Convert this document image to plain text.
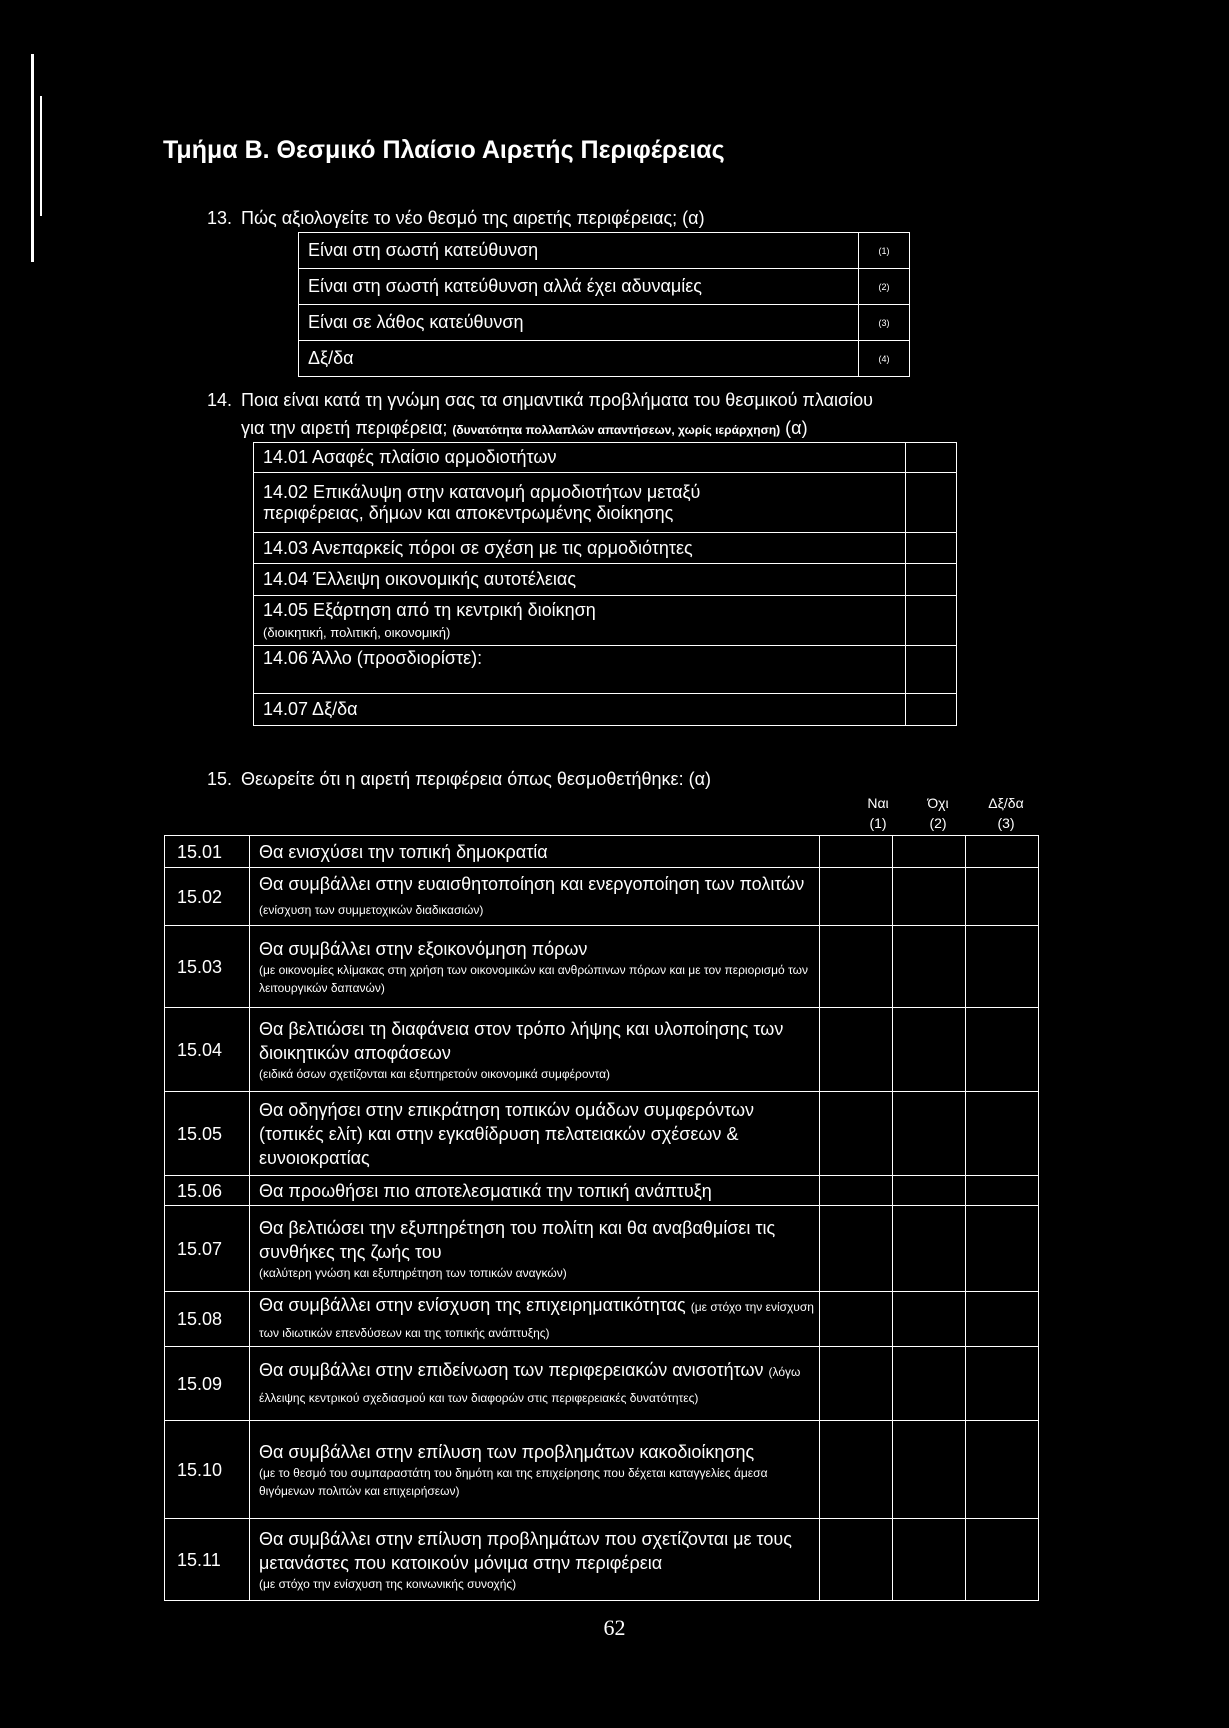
Τμήμα Β. Θεσμικό Πλαίσιο Αιρετής Περιφέρειας
13. Πώς αξιολογείτε το νέο θεσμό της αιρετής περιφέρειας; (α)
Είναι στη σωστή κατεύθυνση	(1)
Είναι στη σωστή κατεύθυνση αλλά έχει αδυναμίες	(2)
Είναι σε λάθος κατεύθυνση	(3)
Δξ/δα	(4)
14. Ποια είναι κατά τη γνώμη σας τα σημαντικά προβλήματα του θεσμικού πλαισίου
για την αιρετή περιφέρεια; (δυνατότητα πολλαπλών απαντήσεων, χωρίς ιεράρχηση) (α)
14.01 Ασαφές πλαίσιο αρμοδιοτήτων	
14.02 Επικάλυψη στην κατανομή αρμοδιοτήτων μεταξύ
περιφέρειας, δήμων και αποκεντρωμένης διοίκησης	
14.03 Ανεπαρκείς πόροι σε σχέση με τις αρμοδιότητες	
14.04 Έλλειψη οικονομικής αυτοτέλειας	
14.05 Εξάρτηση από τη κεντρική διοίκηση
(διοικητική, πολιτική, οικονομική)	
14.06 Άλλο (προσδιορίστε):	
14.07 Δξ/δα	
15. Θεωρείτε ότι η αιρετή περιφέρεια όπως θεσμοθετήθηκε: (α)
Ναι
(1)
Όχι
(2)
Δξ/δα
(3)
15.01	Θα ενισχύσει την τοπική δημοκρατία			
15.02	Θα συμβάλλει στην ευαισθητοποίηση και ενεργοποίηση των πολιτών (ενίσχυση των συμμετοχικών διαδικασιών)			
15.03	Θα συμβάλλει στην εξοικονόμηση πόρων
(με οικονομίες κλίμακας στη χρήση των οικονομικών και ανθρώπινων πόρων και με τον περιορισμό των λειτουργικών δαπανών)			

15.04	Θα βελτιώσει τη διαφάνεια στον τρόπο λήψης και υλοποίησης των διοικητικών αποφάσεων
(ειδικά όσων σχετίζονται και εξυπηρετούν οικονομικά συμφέροντα)			

15.05	Θα οδηγήσει στην επικράτηση τοπικών ομάδων συμφερόντων (τοπικές ελίτ) και στην εγκαθίδρυση πελατειακών σχέσεων & ευνοιοκρατίας			
15.06	Θα προωθήσει πιο αποτελεσματικά την τοπική ανάπτυξη			
15.07	Θα βελτιώσει την εξυπηρέτηση του πολίτη και θα αναβαθμίσει τις συνθήκες της ζωής του
(καλύτερη γνώση και εξυπηρέτηση των τοπικών αναγκών)			

15.08	Θα συμβάλλει στην ενίσχυση της επιχειρηματικότητας (με στόχο την ενίσχυση των ιδιωτικών επενδύσεων και της τοπικής ανάπτυξης)			
15.09	Θα συμβάλλει στην επιδείνωση των περιφερειακών ανισοτήτων (λόγω έλλειψης κεντρικού σχεδιασμού και των διαφορών στις περιφερειακές δυνατότητες)			
15.10	Θα συμβάλλει στην επίλυση των προβλημάτων κακοδιοίκησης
(με το θεσμό του συμπαραστάτη του δημότη και της επιχείρησης που δέχεται καταγγελίες άμεσα θιγόμενων πολιτών και επιχειρήσεων)			

15.11	Θα συμβάλλει στην επίλυση προβλημάτων που σχετίζονται με τους μετανάστες που κατοικούν μόνιμα στην περιφέρεια
(με στόχο την ενίσχυση της κοινωνικής συνοχής)			

62
